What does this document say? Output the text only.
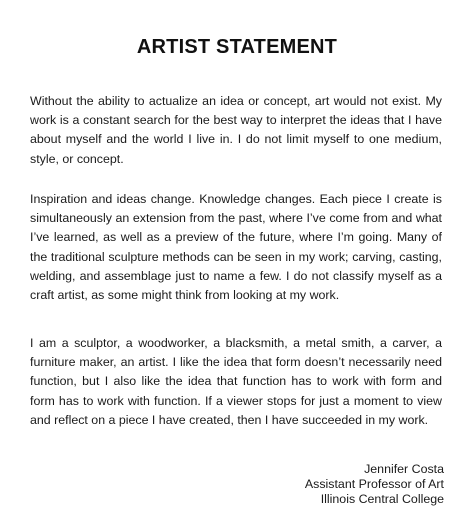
ARTIST STATEMENT
Without the ability to actualize an idea or concept, art would not exist. My work is a constant search for the best way to interpret the ideas that I have about myself and the world I live in. I do not limit myself to one medium, style, or concept.
Inspiration and ideas change. Knowledge changes. Each piece I create is simultaneously an extension from the past, where I’ve come from and what I’ve learned, as well as a preview of the future, where I’m going. Many of the traditional sculpture methods can be seen in my work; carving, casting, welding, and assemblage just to name a few. I do not classify myself as a craft artist, as some might think from looking at my work.
I am a sculptor, a woodworker, a blacksmith, a metal smith, a carver, a furniture maker, an artist. I like the idea that form doesn’t necessarily need function, but I also like the idea that function has to work with form and form has to work with function. If a viewer stops for just a moment to view and reflect on a piece I have created, then I have succeeded in my work.
Jennifer Costa
Assistant Professor of Art
Illinois Central College
